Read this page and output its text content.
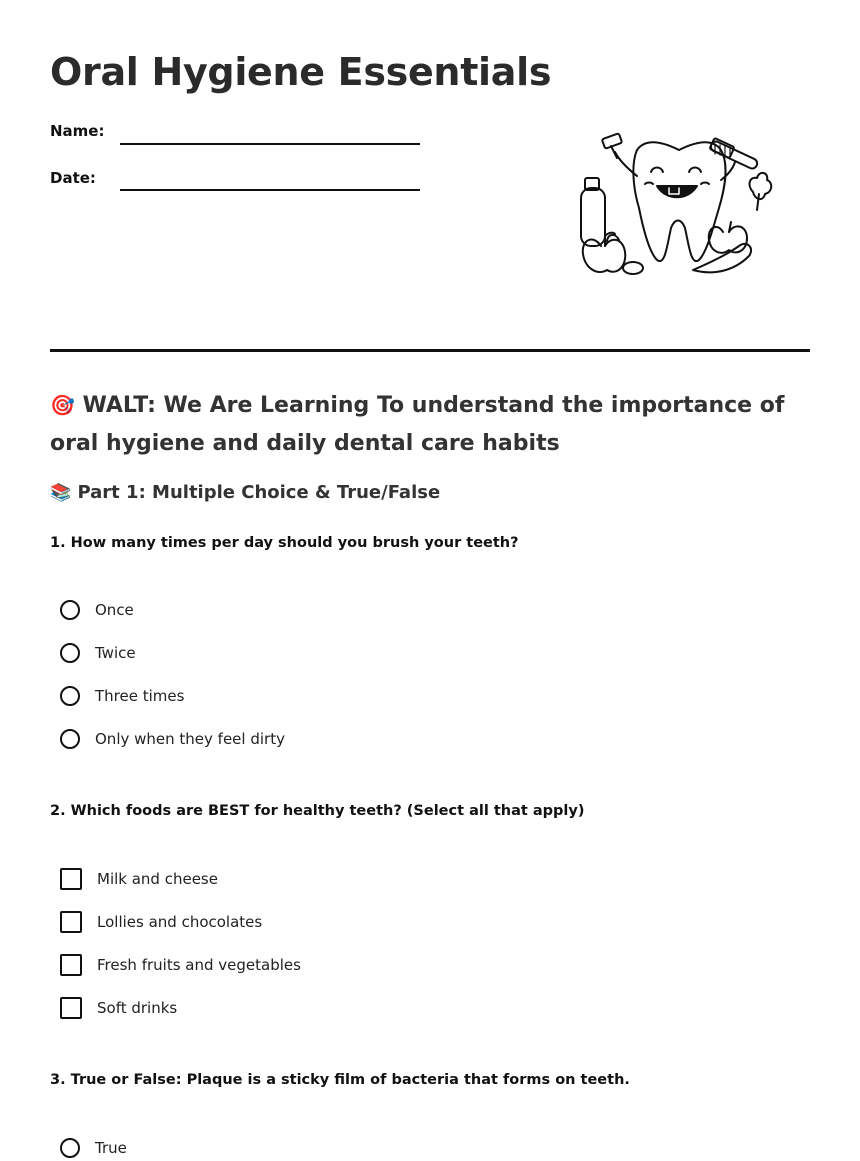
Oral Hygiene Essentials
Name:
Date:
🎯 WALT: We Are Learning To understand the importance of oral hygiene and daily dental care habits
📚 Part 1: Multiple Choice & True/False

1. How many times per day should you brush your teeth?

Once
Twice
Three times
Only when they feel dirty

2. Which foods are BEST for healthy teeth? (Select all that apply)

Milk and cheese
Lollies and chocolates
Fresh fruits and vegetables
Soft drinks

3. True or False: Plaque is a sticky film of bacteria that forms on teeth.

True
